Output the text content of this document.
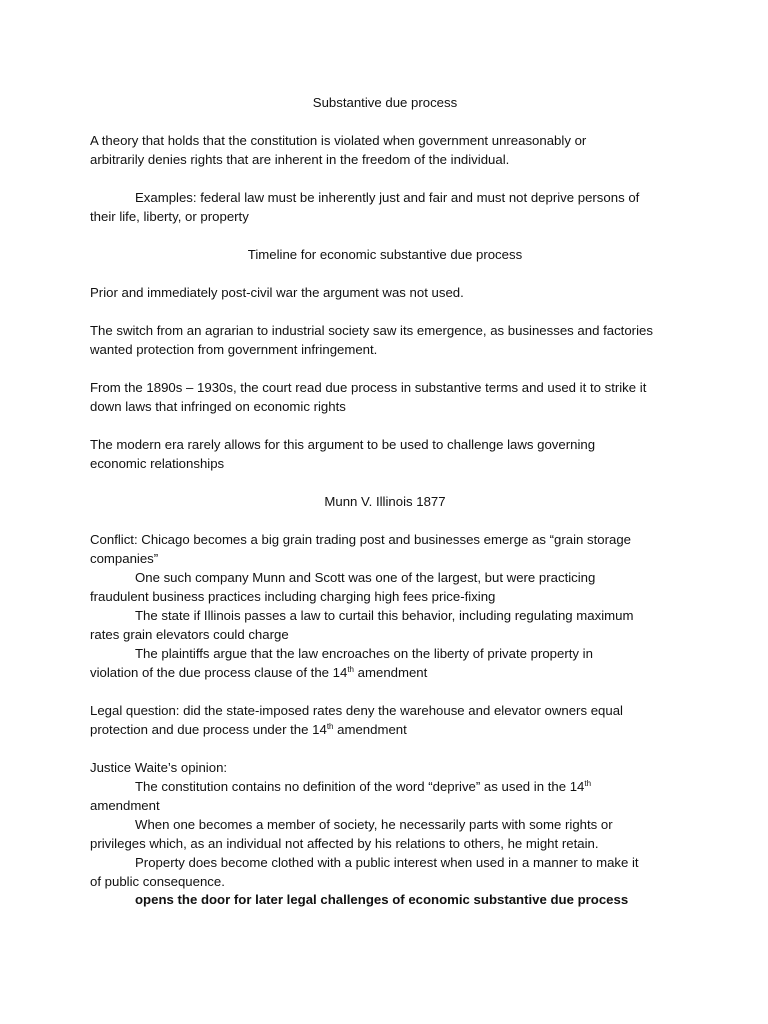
Substantive due process
A theory that holds that the constitution is violated when government unreasonably or
arbitrarily denies rights that are inherent in the freedom of the individual.
Examples: federal law must be inherently just and fair and must not deprive persons of
their life, liberty, or property
Timeline for economic substantive due process
Prior and immediately post-civil war the argument was not used.
The switch from an agrarian to industrial society saw its emergence, as businesses and factories
wanted protection from government infringement.
From the 1890s – 1930s, the court read due process in substantive terms and used it to strike it
down laws that infringed on economic rights
The modern era rarely allows for this argument to be used to challenge laws governing
economic relationships
Munn V. Illinois 1877
Conflict: Chicago becomes a big grain trading post and businesses emerge as “grain storage
companies”
One such company Munn and Scott was one of the largest, but were practicing
fraudulent business practices including charging high fees price-fixing
The state if Illinois passes a law to curtail this behavior, including regulating maximum
rates grain elevators could charge
The plaintiffs argue that the law encroaches on the liberty of private property in
violation of the due process clause of the 14th amendment
Legal question: did the state-imposed rates deny the warehouse and elevator owners equal
protection and due process under the 14th amendment
Justice Waite’s opinion:
The constitution contains no definition of the word “deprive” as used in the 14th
amendment
When one becomes a member of society, he necessarily parts with some rights or
privileges which, as an individual not affected by his relations to others, he might retain.
Property does become clothed with a public interest when used in a manner to make it
of public consequence.
opens the door for later legal challenges of economic substantive due process
